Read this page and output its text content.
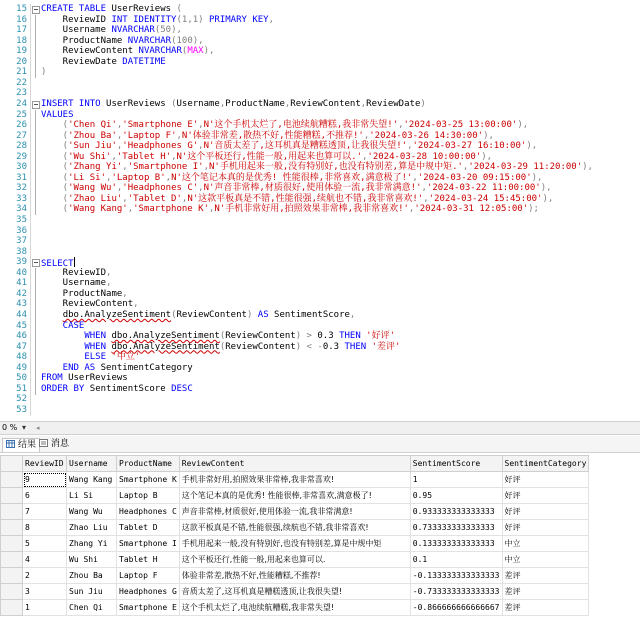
15 CREATE TABLE UserReviews (
16 ReviewID INT IDENTITY(1,1) PRIMARY KEY,
17 Username NVARCHAR(50),
18 ProductName NVARCHAR(100),
19 ReviewContent NVARCHAR(MAX),
20 ReviewDate DATETIME
21 )
22
23
24 INSERT INTO UserReviews (Username,ProductName,ReviewContent,ReviewDate)
25 VALUES
26 ('Chen Qi','Smartphone E',N'这个手机太烂了,电池续航糟糕,我非常失望!','2024-03-25 13:00:00'),
27 ('Zhou Ba','Laptop F',N'体验非常差,散热不好,性能糟糕,不推荐!','2024-03-26 14:30:00'),
28 ('Sun Jiu','Headphones G',N'音质太差了,这耳机真是糟糕透顶,让我很失望!','2024-03-27 16:10:00'),
29 ('Wu Shi','Tablet H',N'这个平板还行,性能一般,用起来也算可以.','2024-03-28 10:00:00'),
30 ('Zhang Yi','Smartphone I',N'手机用起来一般,没有特别好,也没有特别差,算是中规中矩.','2024-03-29 11:20:00'),
31 ('Li Si','Laptop B',N'这个笔记本真的是优秀! 性能很棒,非常喜欢,满意极了!','2024-03-20 09:15:00'),
32 ('Wang Wu','Headphones C',N'声音非常棒,材质很好,使用体验一流,我非常满意!','2024-03-22 11:00:00'),
33 ('Zhao Liu','Tablet D',N'这款平板真是不错,性能很强,续航也不错,我非常喜欢!','2024-03-24 15:45:00'),
34 ('Wang Kang','Smartphone K',N'手机非常好用,拍照效果非常棒,我非常喜欢!','2024-03-31 12:05:00');
35
36
37
38
39 SELECT
40 ReviewID,
41 Username,
42 ProductName,
43 ReviewContent,
44	dbo.AnalyzeSentiment(ReviewContent) AS SentimentScore,
45 CASE
46 WHEN dbo.AnalyzeSentiment(ReviewContent) > 0.3 THEN '好评'
47 WHEN dbo.AnalyzeSentiment(ReviewContent) < -0.3 THEN '差评'
48 ELSE '中立'
49 END AS SentimentCategory
50 FROM UserReviews
51 ORDER BY SentimentScore DESC
52
53
0 % ▾ ◂
结果	消息
	ReviewID	Username	ProductName	ReviewContent	SentimentScore	SentimentCategory
	9	Wang Kang	Smartphone K	手机非常好用,拍照效果非常棒,我非常喜欢!	1	好评
	6	Li Si	Laptop B	这个笔记本真的是优秀! 性能很棒,非常喜欢,满意极了!	0.95	好评
	7	Wang Wu	Headphones C	声音非常棒,材质很好,使用体验一流,我非常满意!	0.933333333333333	好评
	8	Zhao Liu	Tablet D	这款平板真是不错,性能很强,续航也不错,我非常喜欢!	0.733333333333333	好评
	5	Zhang Yi	Smartphone I	手机用起来一般,没有特别好,也没有特别差,算是中规中矩	0.133333333333333	中立
	4	Wu Shi	Tablet H	这个平板还行,性能一般,用起来也算可以.	0.1	中立
	2	Zhou Ba	Laptop F	体验非常差,散热不好,性能糟糕,不推荐!	-0.133333333333333	差评
	3	Sun Jiu	Headphones G	音质太差了,这耳机真是糟糕透顶,让我很失望!	-0.733333333333333	差评
	1	Chen Qi	Smartphone E	这个手机太烂了,电池续航糟糕,我非常失望!	-0.866666666666667	差评
